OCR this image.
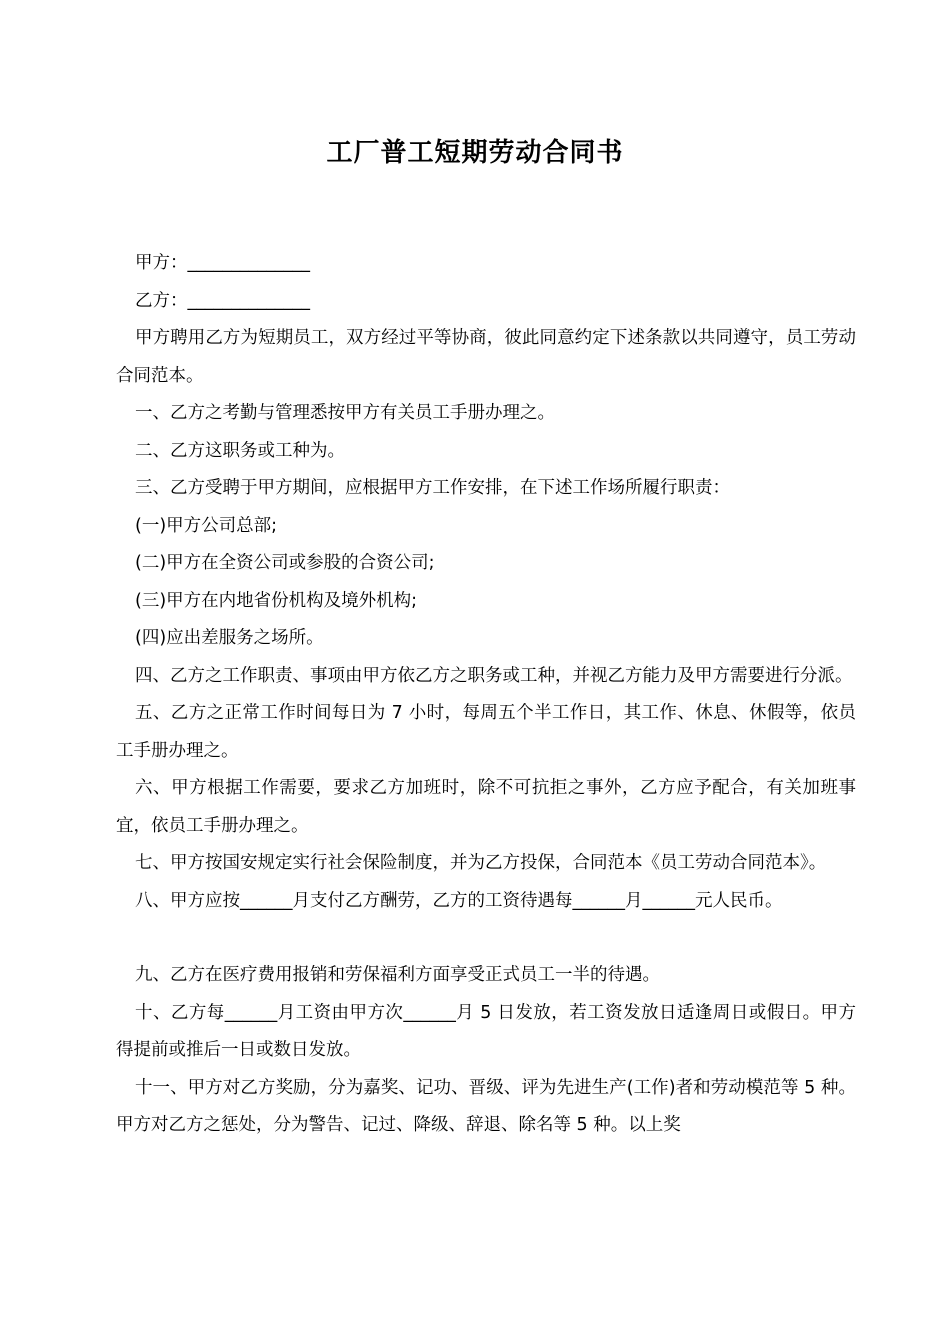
工厂普工短期劳动合同书

甲方：______________

乙方：______________

甲方聘用乙方为短期员工，双方经过平等协商，彼此同意约定下述条款以共同遵守，员工劳动合同范本。

一、乙方之考勤与管理悉按甲方有关员工手册办理之。

二、乙方这职务或工种为。

三、乙方受聘于甲方期间，应根据甲方工作安排，在下述工作场所履行职责：

(一)甲方公司总部;

(二)甲方在全资公司或参股的合资公司;

(三)甲方在内地省份机构及境外机构;

(四)应出差服务之场所。

四、乙方之工作职责、事项由甲方依乙方之职务或工种，并视乙方能力及甲方需要进行分派。

五、乙方之正常工作时间每日为 7 小时，每周五个半工作日，其工作、休息、休假等，依员工手册办理之。

六、甲方根据工作需要，要求乙方加班时，除不可抗拒之事外，乙方应予配合，有关加班事宜，依员工手册办理之。

七、甲方按国安规定实行社会保险制度，并为乙方投保，合同范本《员工劳动合同范本》。

八、甲方应按______月支付乙方酬劳，乙方的工资待遇每______月______元人民币。

九、乙方在医疗费用报销和劳保福利方面享受正式员工一半的待遇。

十、乙方每______月工资由甲方次______月 5 日发放，若工资发放日适逢周日或假日。甲方得提前或推后一日或数日发放。

十一、甲方对乙方奖励，分为嘉奖、记功、晋级、评为先进生产(工作)者和劳动模范等 5 种。甲方对乙方之惩处，分为警告、记过、降级、辞退、除名等 5 种。以上奖
